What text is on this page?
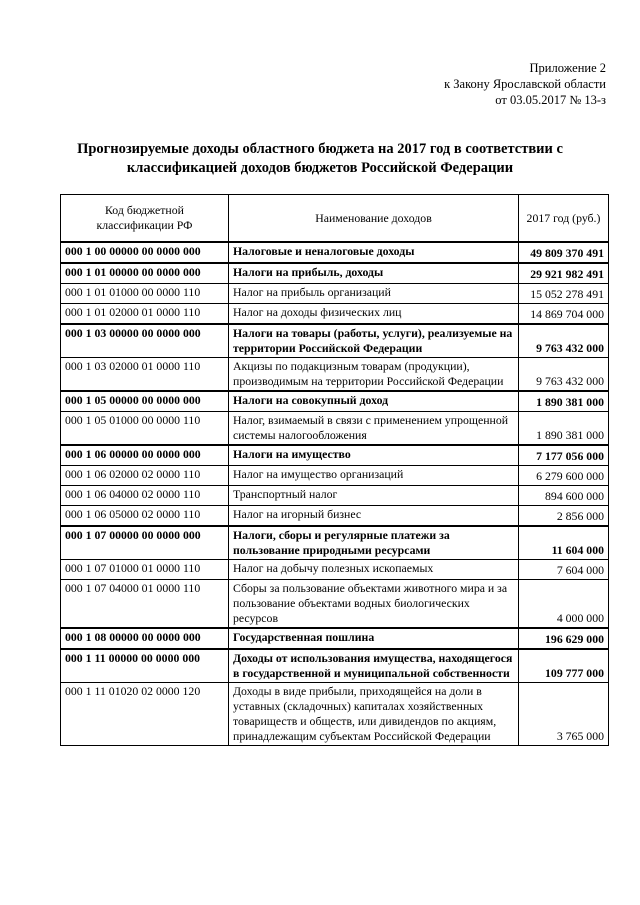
Приложение 2
к Закону Ярославской области
от 03.05.2017 № 13-з
Прогнозируемые доходы областного бюджета на 2017 год в соответствии с
классификацией доходов бюджетов Российской Федерации
Код бюджетной классификации РФ	Наименование доходов	2017 год (руб.)
000 1 00 00000 00 0000 000	Налоговые и неналоговые доходы	49 809 370 491
000 1 01 00000 00 0000 000	Налоги на прибыль, доходы	29 921 982 491
000 1 01 01000 00 0000 110	Налог на прибыль организаций	15 052 278 491
000 1 01 02000 01 0000 110	Налог на доходы физических лиц	14 869 704 000
000 1 03 00000 00 0000 000	Налоги на товары (работы, услуги), реализуемые на территории Российской Федерации	9 763 432 000
000 1 03 02000 01 0000 110	Акцизы по подакцизным товарам (продукции), производимым на территории Российской Федерации	9 763 432 000
000 1 05 00000 00 0000 000	Налоги на совокупный доход	1 890 381 000
000 1 05 01000 00 0000 110	Налог, взимаемый в связи с применением упрощенной системы налогообложения	1 890 381 000
000 1 06 00000 00 0000 000	Налоги на имущество	7 177 056 000
000 1 06 02000 02 0000 110	Налог на имущество организаций	6 279 600 000
000 1 06 04000 02 0000 110	Транспортный налог	894 600 000
000 1 06 05000 02 0000 110	Налог на игорный бизнес	2 856 000
000 1 07 00000 00 0000 000	Налоги, сборы и регулярные платежи за пользование природными ресурсами	11 604 000
000 1 07 01000 01 0000 110	Налог на добычу полезных ископаемых	7 604 000
000 1 07 04000 01 0000 110	Сборы за пользование объектами животного мира и за пользование объектами водных биологических ресурсов	4 000 000
000 1 08 00000 00 0000 000	Государственная пошлина	196 629 000
000 1 11 00000 00 0000 000	Доходы от использования имущества, находящегося в государственной и муниципальной собственности	109 777 000
000 1 11 01020 02 0000 120	Доходы в виде прибыли, приходящейся на доли в уставных (складочных) капиталах хозяйственных товариществ и обществ, или дивидендов по акциям, принадлежащим субъектам Российской Федерации	3 765 000
